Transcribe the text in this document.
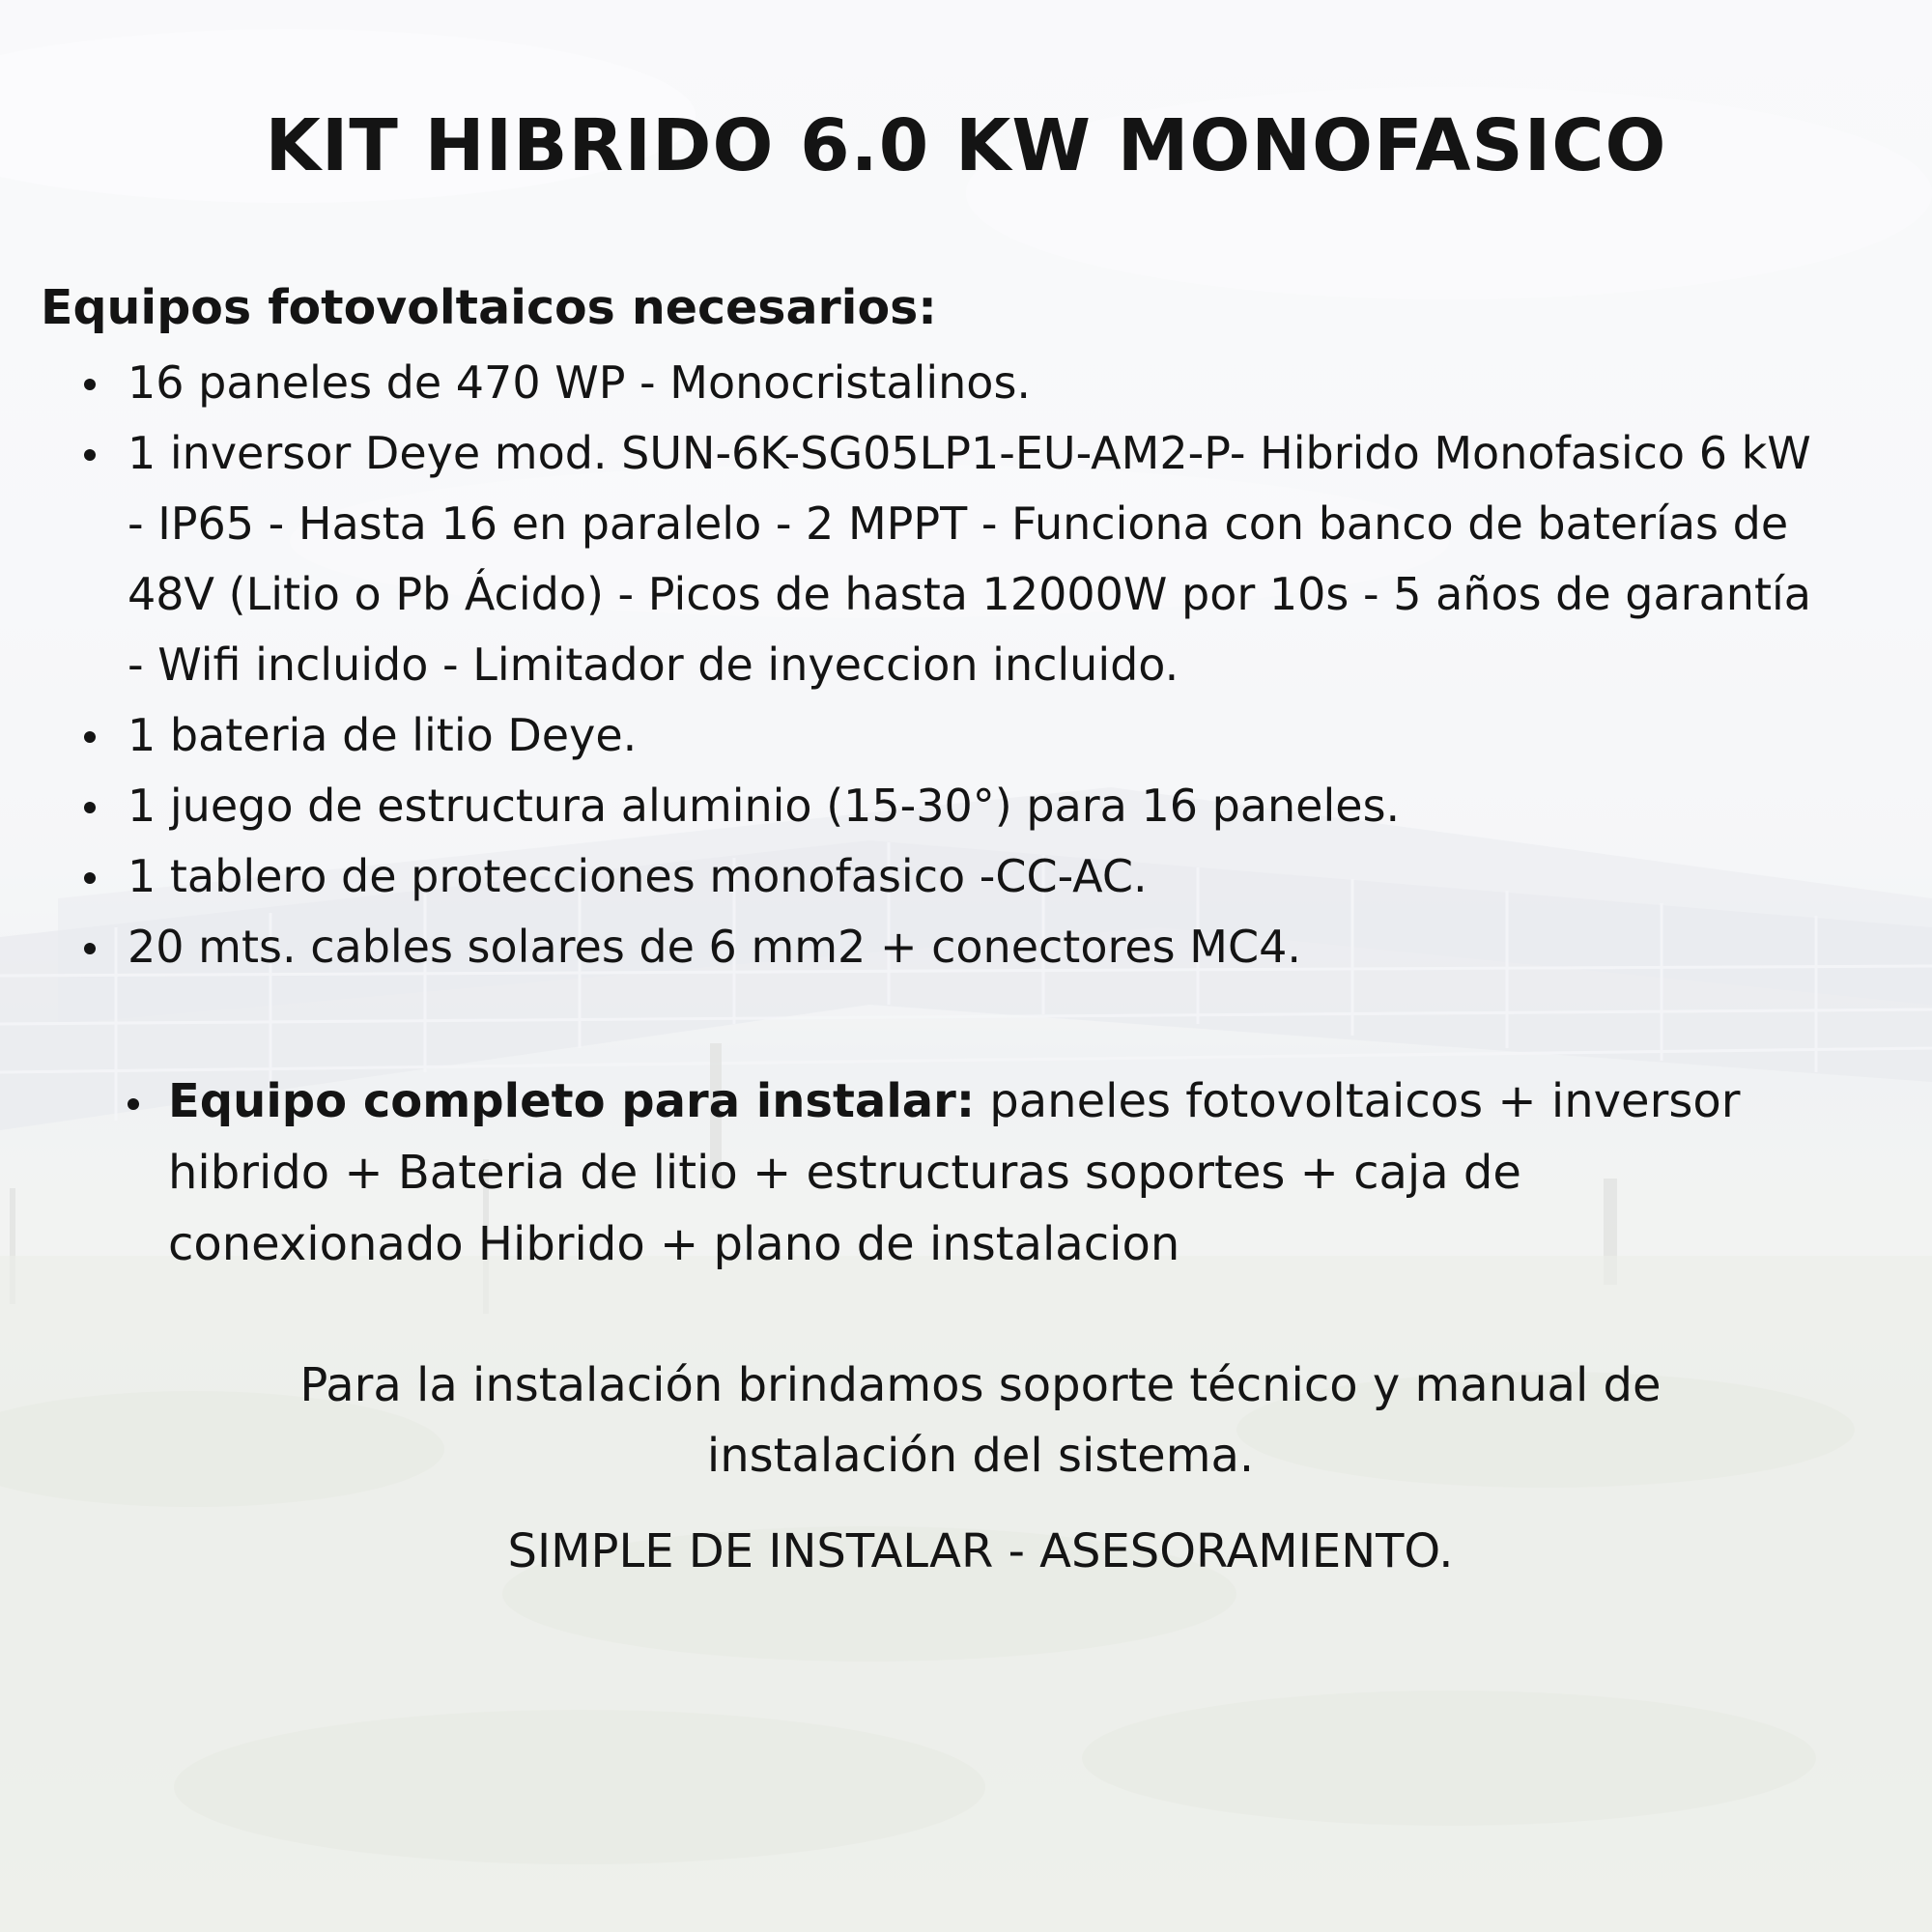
KIT HIBRIDO 6.0 KW MONOFASICO
Equipos fotovoltaicos necesarios:
16 paneles de 470 WP - Monocristalinos.
1 inversor Deye mod. SUN-6K-SG05LP1-EU-AM2-P- Hibrido Monofasico 6 kW - IP65 - Hasta 16 en paralelo - 2 MPPT - Funciona con banco de baterías de 48V (Litio o Pb Ácido) - Picos de hasta 12000W por 10s - 5 años de garantía - Wifi incluido - Limitador de inyeccion incluido.
1 bateria de litio Deye.
1 juego de estructura aluminio (15-30°) para 16 paneles.
1 tablero de protecciones monofasico -CC-AC.
20 mts. cables solares de 6 mm2 + conectores MC4.
Equipo completo para instalar: paneles fotovoltaicos + inversor hibrido + Bateria de litio + estructuras soportes + caja de conexionado Hibrido + plano de instalacion

Para la instalación brindamos soporte técnico y manual de instalación del sistema.

SIMPLE DE INSTALAR - ASESORAMIENTO.
